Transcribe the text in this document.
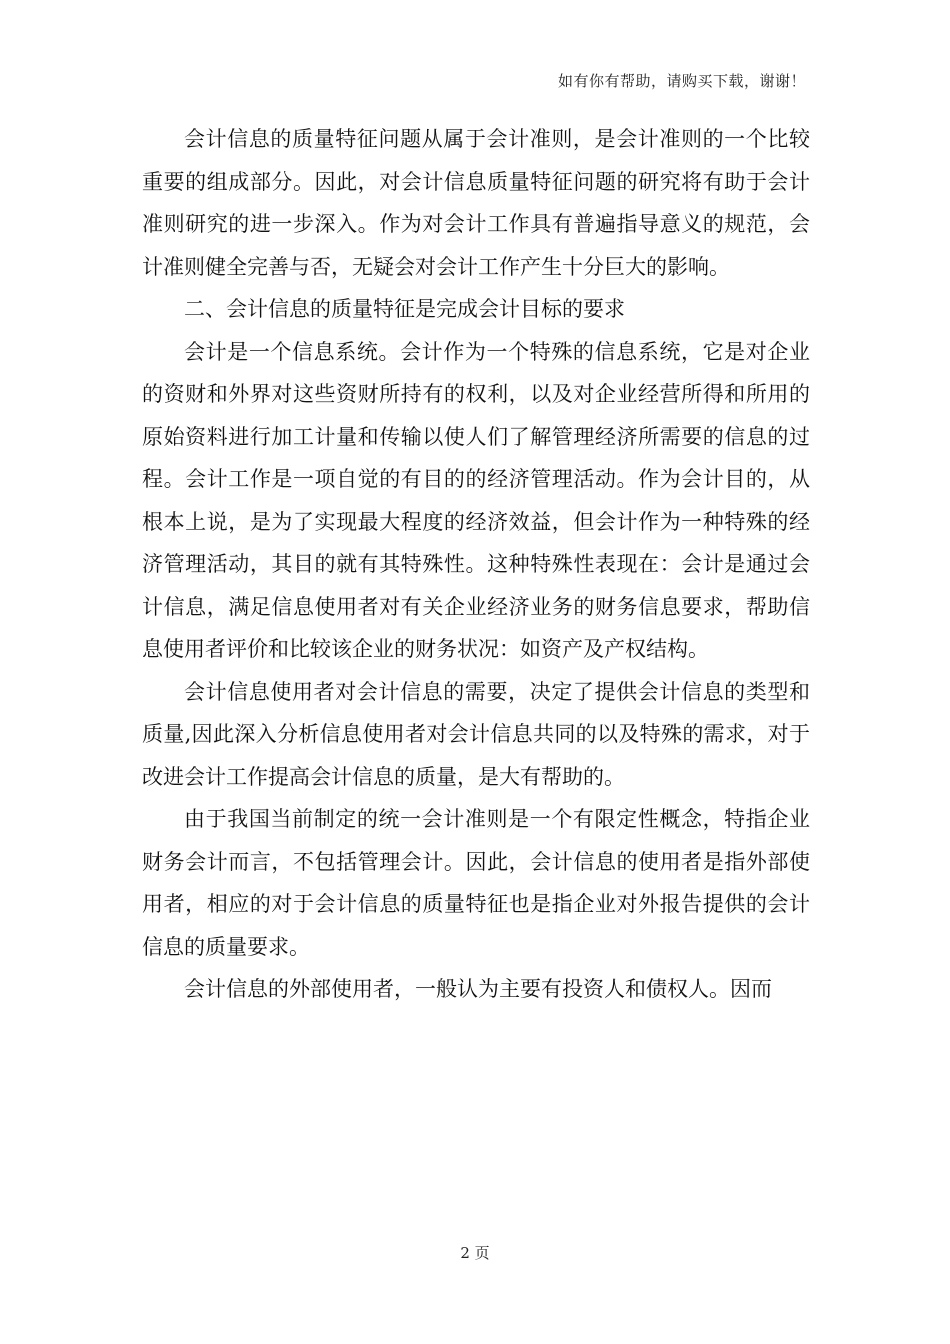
如有你有帮助，请购买下载，谢谢！

会计信息的质量特征问题从属于会计准则，是会计准则的一个比较重要的组成部分。因此，对会计信息质量特征问题的研究将有助于会计准则研究的进一步深入。作为对会计工作具有普遍指导意义的规范，会计准则健全完善与否，无疑会对会计工作产生十分巨大的影响。

二、会计信息的质量特征是完成会计目标的要求

会计是一个信息系统。会计作为一个特殊的信息系统，它是对企业的资财和外界对这些资财所持有的权利，以及对企业经营所得和所用的原始资料进行加工计量和传输以使人们了解管理经济所需要的信息的过程。会计工作是一项自觉的有目的的经济管理活动。作为会计目的，从根本上说，是为了实现最大程度的经济效益，但会计作为一种特殊的经济管理活动，其目的就有其特殊性。这种特殊性表现在：会计是通过会计信息，满足信息使用者对有关企业经济业务的财务信息要求，帮助信息使用者评价和比较该企业的财务状况：如资产及产权结构。

会计信息使用者对会计信息的需要，决定了提供会计信息的类型和质量,因此深入分析信息使用者对会计信息共同的以及特殊的需求，对于改进会计工作提高会计信息的质量，是大有帮助的。

由于我国当前制定的统一会计准则是一个有限定性概念，特指企业财务会计而言，不包括管理会计。因此，会计信息的使用者是指外部使用者，相应的对于会计信息的质量特征也是指企业对外报告提供的会计信息的质量要求。

会计信息的外部使用者，一般认为主要有投资人和债权人。因而

2 页
